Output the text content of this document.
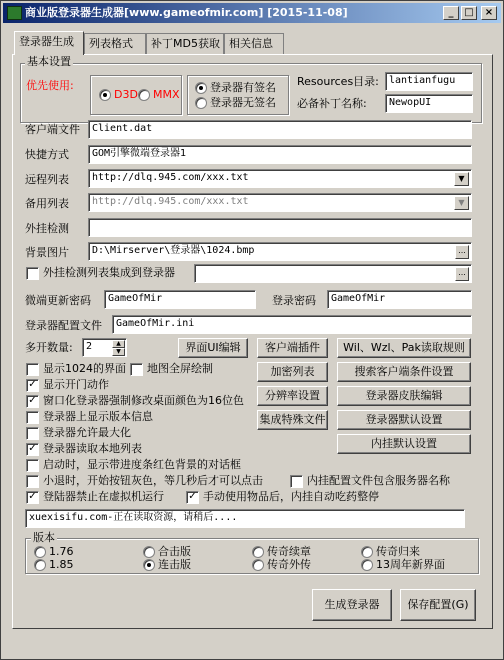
商业版登录器生成器[www.gameofmir.com] [2015-11-08]	_	□	×
登录器生成	列表格式	补丁MD5获取 相关信息
基本设置
优先使用:
D3D MMX
登录器有签名
登录器无签名
Resources目录:	lantianfugu
必备补丁名称:	NewopUI
客户端文件	Client.dat
快捷方式	GOM引擎微端登录器1
远程列表	http://dlq.945.com/xxx.txt	▼
备用列表	http://dlq.945.com/xxx.txt	▼
外挂检测
背景图片	D:\Mirserver\登录器\1024.bmp	...
外挂检测列表集成到登录器	...
微端更新密码	GameOfMir	登录密码	GameOfMir
登录器配置文件	GameOfMir.ini
多开数量:	2	▲
▼	界面UI编辑	客户端插件
加密列表
分辨率设置
集成特殊文件
Wil、Wzl、Pak读取规则
搜索客户端条件设置
登录器皮肤编辑
登录器默认设置
内挂默认设置
显示1024的界面 地图全屏绘制
✓ 显示开门动作
✓ 窗口化登录器强制修改桌面颜色为16位色
登录器上显示版本信息
登录器允许最大化
✓ 登录器读取本地列表
启动时，显示带进度条红色背景的对话框
小退时，开始按钮灰色，等几秒后才可以点击	内挂配置文件包含服务器名称
✓ 登陆器禁止在虚拟机运行 ✓ 手动使用物品后，内挂自动吃药整停
xuexisifu.com-正在读取资源，请稍后....
版本
1.76	合击版	传奇续章	传奇归来
1.85	连击版	传奇外传	13周年新界面
生成登录器	保存配置(G)
